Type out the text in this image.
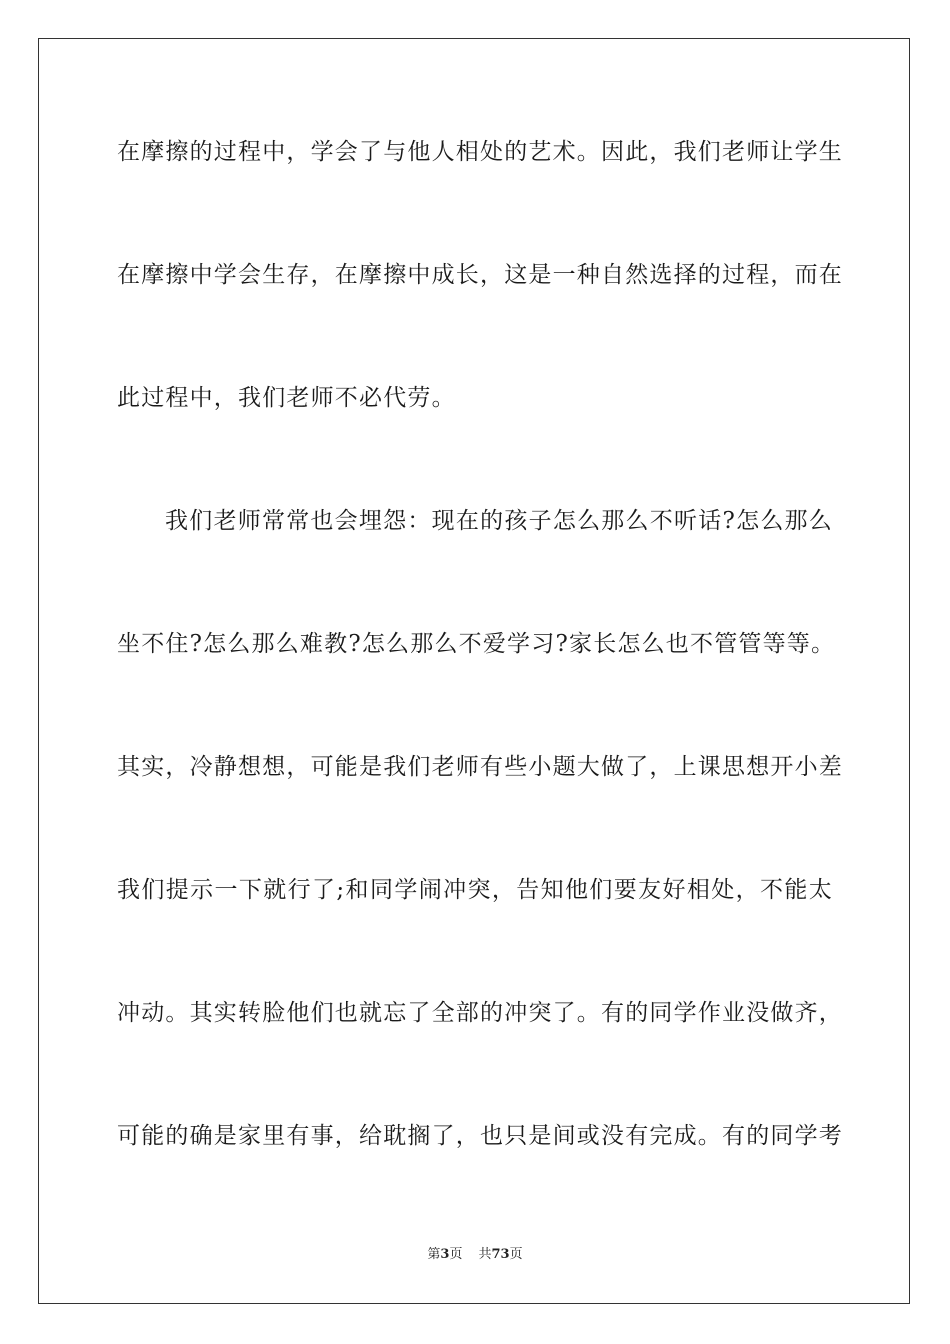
在摩擦的过程中，学会了与他人相处的艺术。因此，我们老师让学生
在摩擦中学会生存，在摩擦中成长，这是一种自然选择的过程，而在
此过程中，我们老师不必代劳。
我们老师常常也会埋怨：现在的孩子怎么那么不听话?怎么那么
坐不住?怎么那么难教?怎么那么不爱学习?家长怎么也不管管等等。
其实，冷静想想，可能是我们老师有些小题大做了，上课思想开小差
我们提示一下就行了;和同学闹冲突，告知他们要友好相处，不能太
冲动。其实转脸他们也就忘了全部的冲突了。有的同学作业没做齐，
可能的确是家里有事，给耽搁了，也只是间或没有完成。有的同学考
第3页 共73页
